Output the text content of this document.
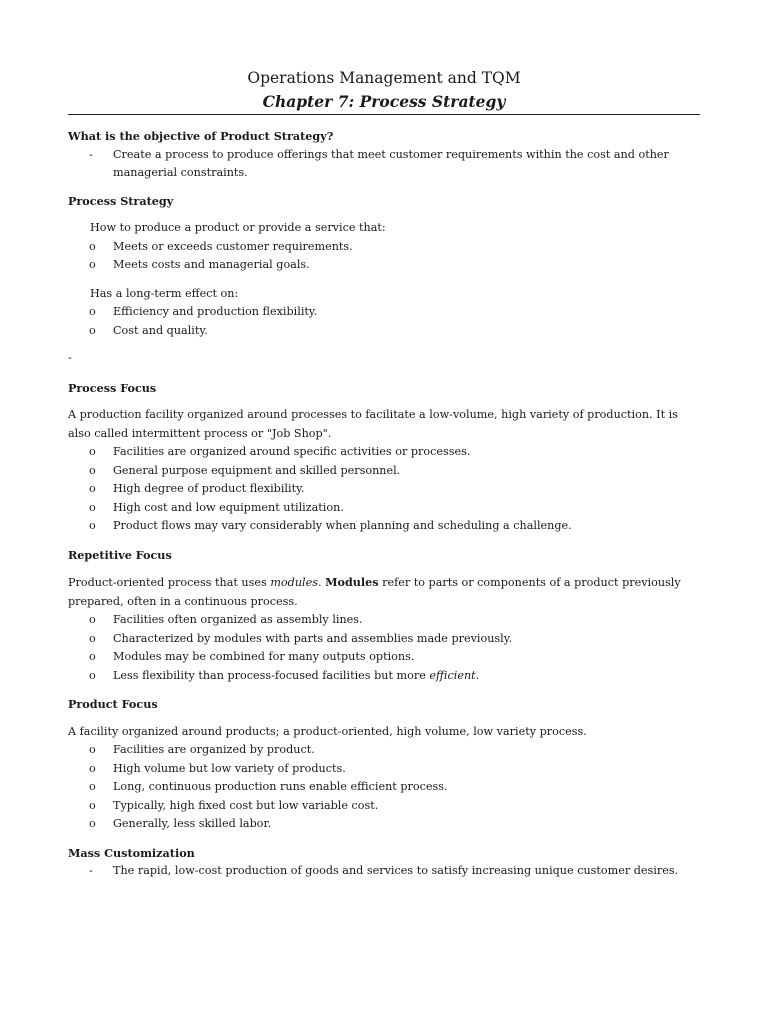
Operations Management and TQM
Chapter 7: Process Strategy

What is the objective of Product Strategy?

- Create a process to produce offerings that meet customer requirements within the cost and other managerial constraints.

Process Strategy

How to produce a product or provide a service that:

o Meets or exceeds customer requirements.
o Meets costs and managerial goals.

Has a long-term effect on:

o Efficiency and production flexibility.
o Cost and quality.

-

Process Focus

A production facility organized around processes to facilitate a low-volume, high variety of production. It is also called intermittent process or "Job Shop".

o Facilities are organized around specific activities or processes.
o General purpose equipment and skilled personnel.
o High degree of product flexibility.
o High cost and low equipment utilization.
o Product flows may vary considerably when planning and scheduling a challenge.

Repetitive Focus

Product-oriented process that uses modules. Modules refer to parts or components of a product previously prepared, often in a continuous process.

o Facilities often organized as assembly lines.
o Characterized by modules with parts and assemblies made previously.
o Modules may be combined for many outputs options.
o Less flexibility than process-focused facilities but more efficient.

Product Focus

A facility organized around products; a product-oriented, high volume, low variety process.

o Facilities are organized by product.
o High volume but low variety of products.
o Long, continuous production runs enable efficient process.
o Typically, high fixed cost but low variable cost.
o Generally, less skilled labor.

Mass Customization

- The rapid, low-cost production of goods and services to satisfy increasing unique customer desires.
